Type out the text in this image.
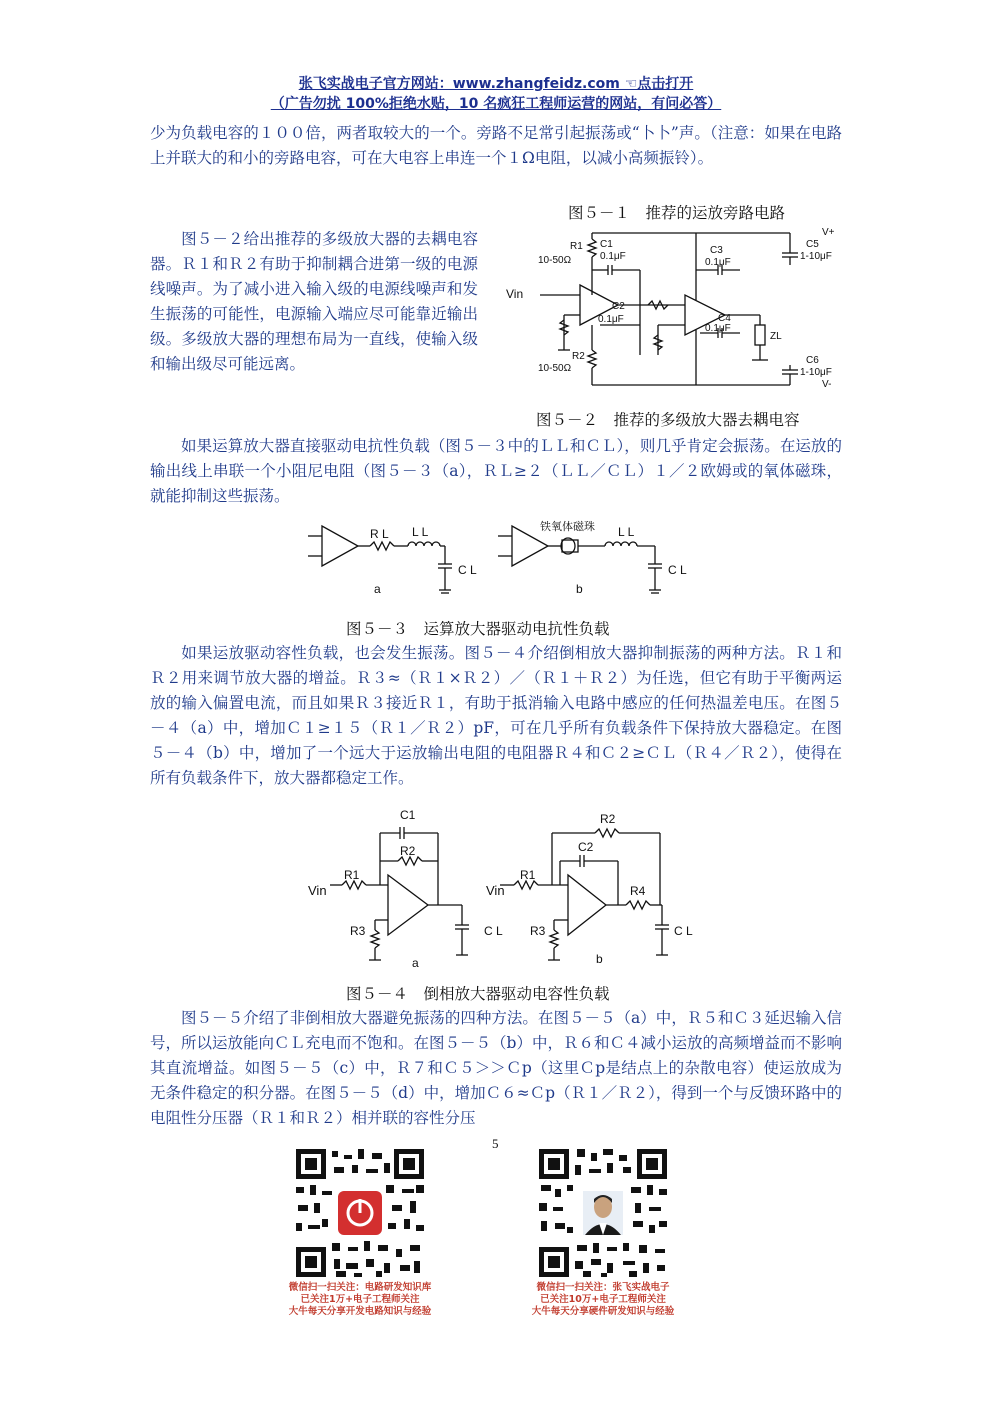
张飞实战电子官方网站：www.zhangfeidz.com ☜点击打开
（广告勿扰 100%拒绝水贴，10 名疯狂工程师运营的网站，有问必答）
少为负载电容的１００倍，两者取较大的一个。旁路不足常引起振荡或“卜卜”声。（注意：如果在电路上并联大的和小的旁路电容，可在大电容上串连一个１Ω电阻，以减小高频振铃）。
图５－１　推荐的运放旁路电路
图５－２给出推荐的多级放大器的去耦电容器。Ｒ１和Ｒ２有助于抑制耦合进第一级的电源线噪声。为了减小进入输入级的电源线噪声和发生振荡的可能性，电源输入端应尽可能靠近输出级。多级放大器的理想布局为一直线，使输入级和输出级尽可能远离。
R1
10-50Ω
C1
0.1μF
C3
0.1μF
C5
1-10μF
V+
Vin
C2
0.1μF	C4
0.1μF
ZL
R2
10-50Ω
C6
1-10μF
V-
图５－２　推荐的多级放大器去耦电容
如果运算放大器直接驱动电抗性负载（图５－３中的ＬＬ和ＣＬ），则几乎肯定会振荡。在运放的输出线上串联一个小阻尼电阻（图５－３（a），ＲＬ≥２（ＬＬ／ＣＬ）１／２欧姆或的氧体磁珠，就能抑制这些振荡。
R L L L
C L
a
铁氧体磁珠 L L
C L
b
图５－３　运算放大器驱动电抗性负载
如果运放驱动容性负载，也会发生振荡。图５－４介绍倒相放大器抑制振荡的两种方法。Ｒ１和Ｒ２用来调节放大器的增益。Ｒ３≈（Ｒ１×Ｒ２）／（Ｒ１＋Ｒ２）为任选，但它有助于平衡两运放的输入偏置电流，而且如果Ｒ３接近Ｒ１，有助于抵消输入电路中感应的任何热温差电压。在图５－４（a）中，增加Ｃ１≥１５（Ｒ１／Ｒ２）pF，可在几乎所有负载条件下保持放大器稳定。在图５－４（b）中，增加了一个远大于运放输出电阻的电阻器Ｒ４和Ｃ２≥ＣＬ（Ｒ４／Ｒ２），使得在所有负载条件下，放大器都稳定工作。
C1
R2
Vin
R1
R3	C L
a
R2
C2
Vin
R1
R4
R3	C L
b
图５－４　倒相放大器驱动电容性负载
图５－５介绍了非倒相放大器避免振荡的四种方法。在图５－５（a）中，Ｒ５和Ｃ３延迟输入信号，所以运放能向ＣＬ充电而不饱和。在图５－５（b）中，Ｒ６和Ｃ４减小运放的高频增益而不影响其直流增益。如图５－５（c）中，Ｒ７和Ｃ５＞＞Ｃp（这里Ｃp是结点上的杂散电容）使运放成为无条件稳定的积分器。在图５－５（d）中，增加Ｃ６≈Ｃp（Ｒ１／Ｒ２），得到一个与反馈环路中的电阻性分压器（Ｒ１和Ｒ２）相并联的容性分压
5
微信扫一扫关注：电路研发知识库
已关注1万+电子工程师关注
大牛每天分享开发电路知识与经验
微信扫一扫关注：张飞实战电子
已关注10万+电子工程师关注
大牛每天分享硬件研发知识与经验
